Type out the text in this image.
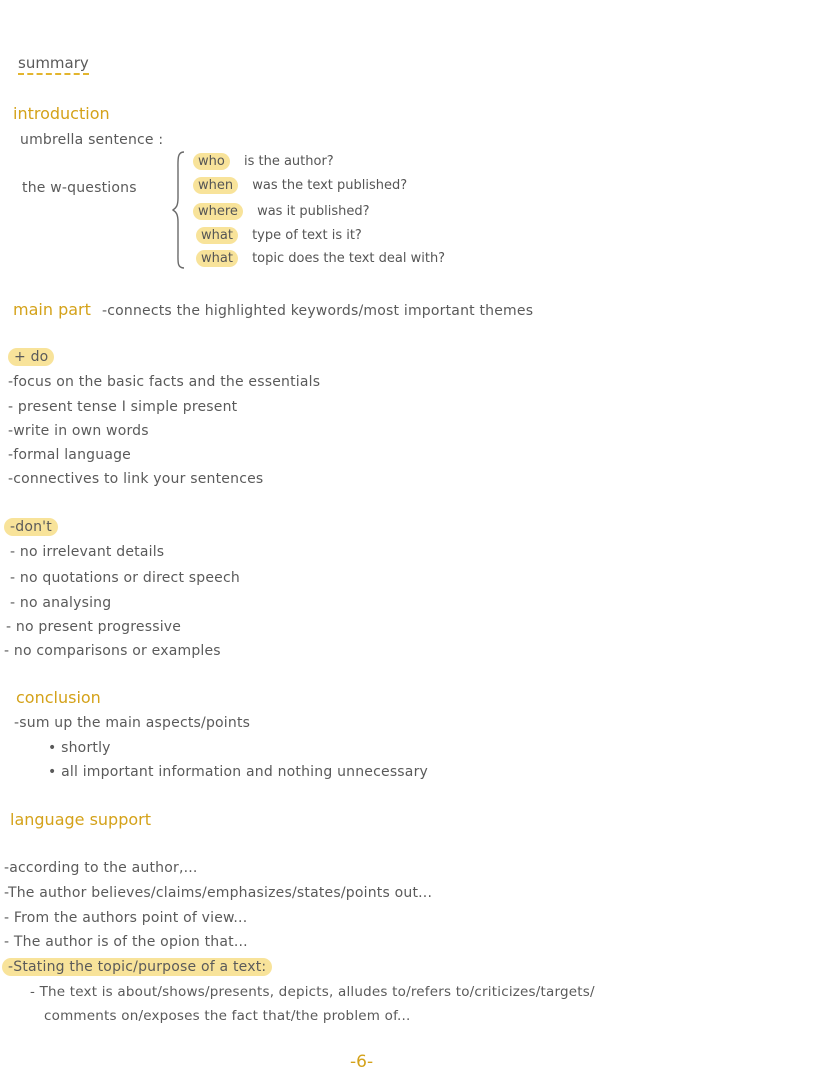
summary
introduction
umbrella sentence :
the w-questions
who is the author?
when was the text published?
where was it published?
what type of text is it?
what topic does the text deal with?
main part -connects the highlighted keywords/most important themes
+ do
-focus on the basic facts and the essentials
- present tense I simple present
-write in own words
-formal language
-connectives to link your sentences
-don't
- no irrelevant details
- no quotations or direct speech
- no analysing
- no present progressive
- no comparisons or examples
conclusion
-sum up the main aspects/points
• shortly
• all important information and nothing unnecessary
language support
-according to the author,...
-The author believes/claims/emphasizes/states/points out...
- From the authors point of view...
- The author is of the opion that...
-Stating the topic/purpose of a text:
- The text is about/shows/presents, depicts, alludes to/refers to/criticizes/targets/
comments on/exposes the fact that/the problem of...
-6-
